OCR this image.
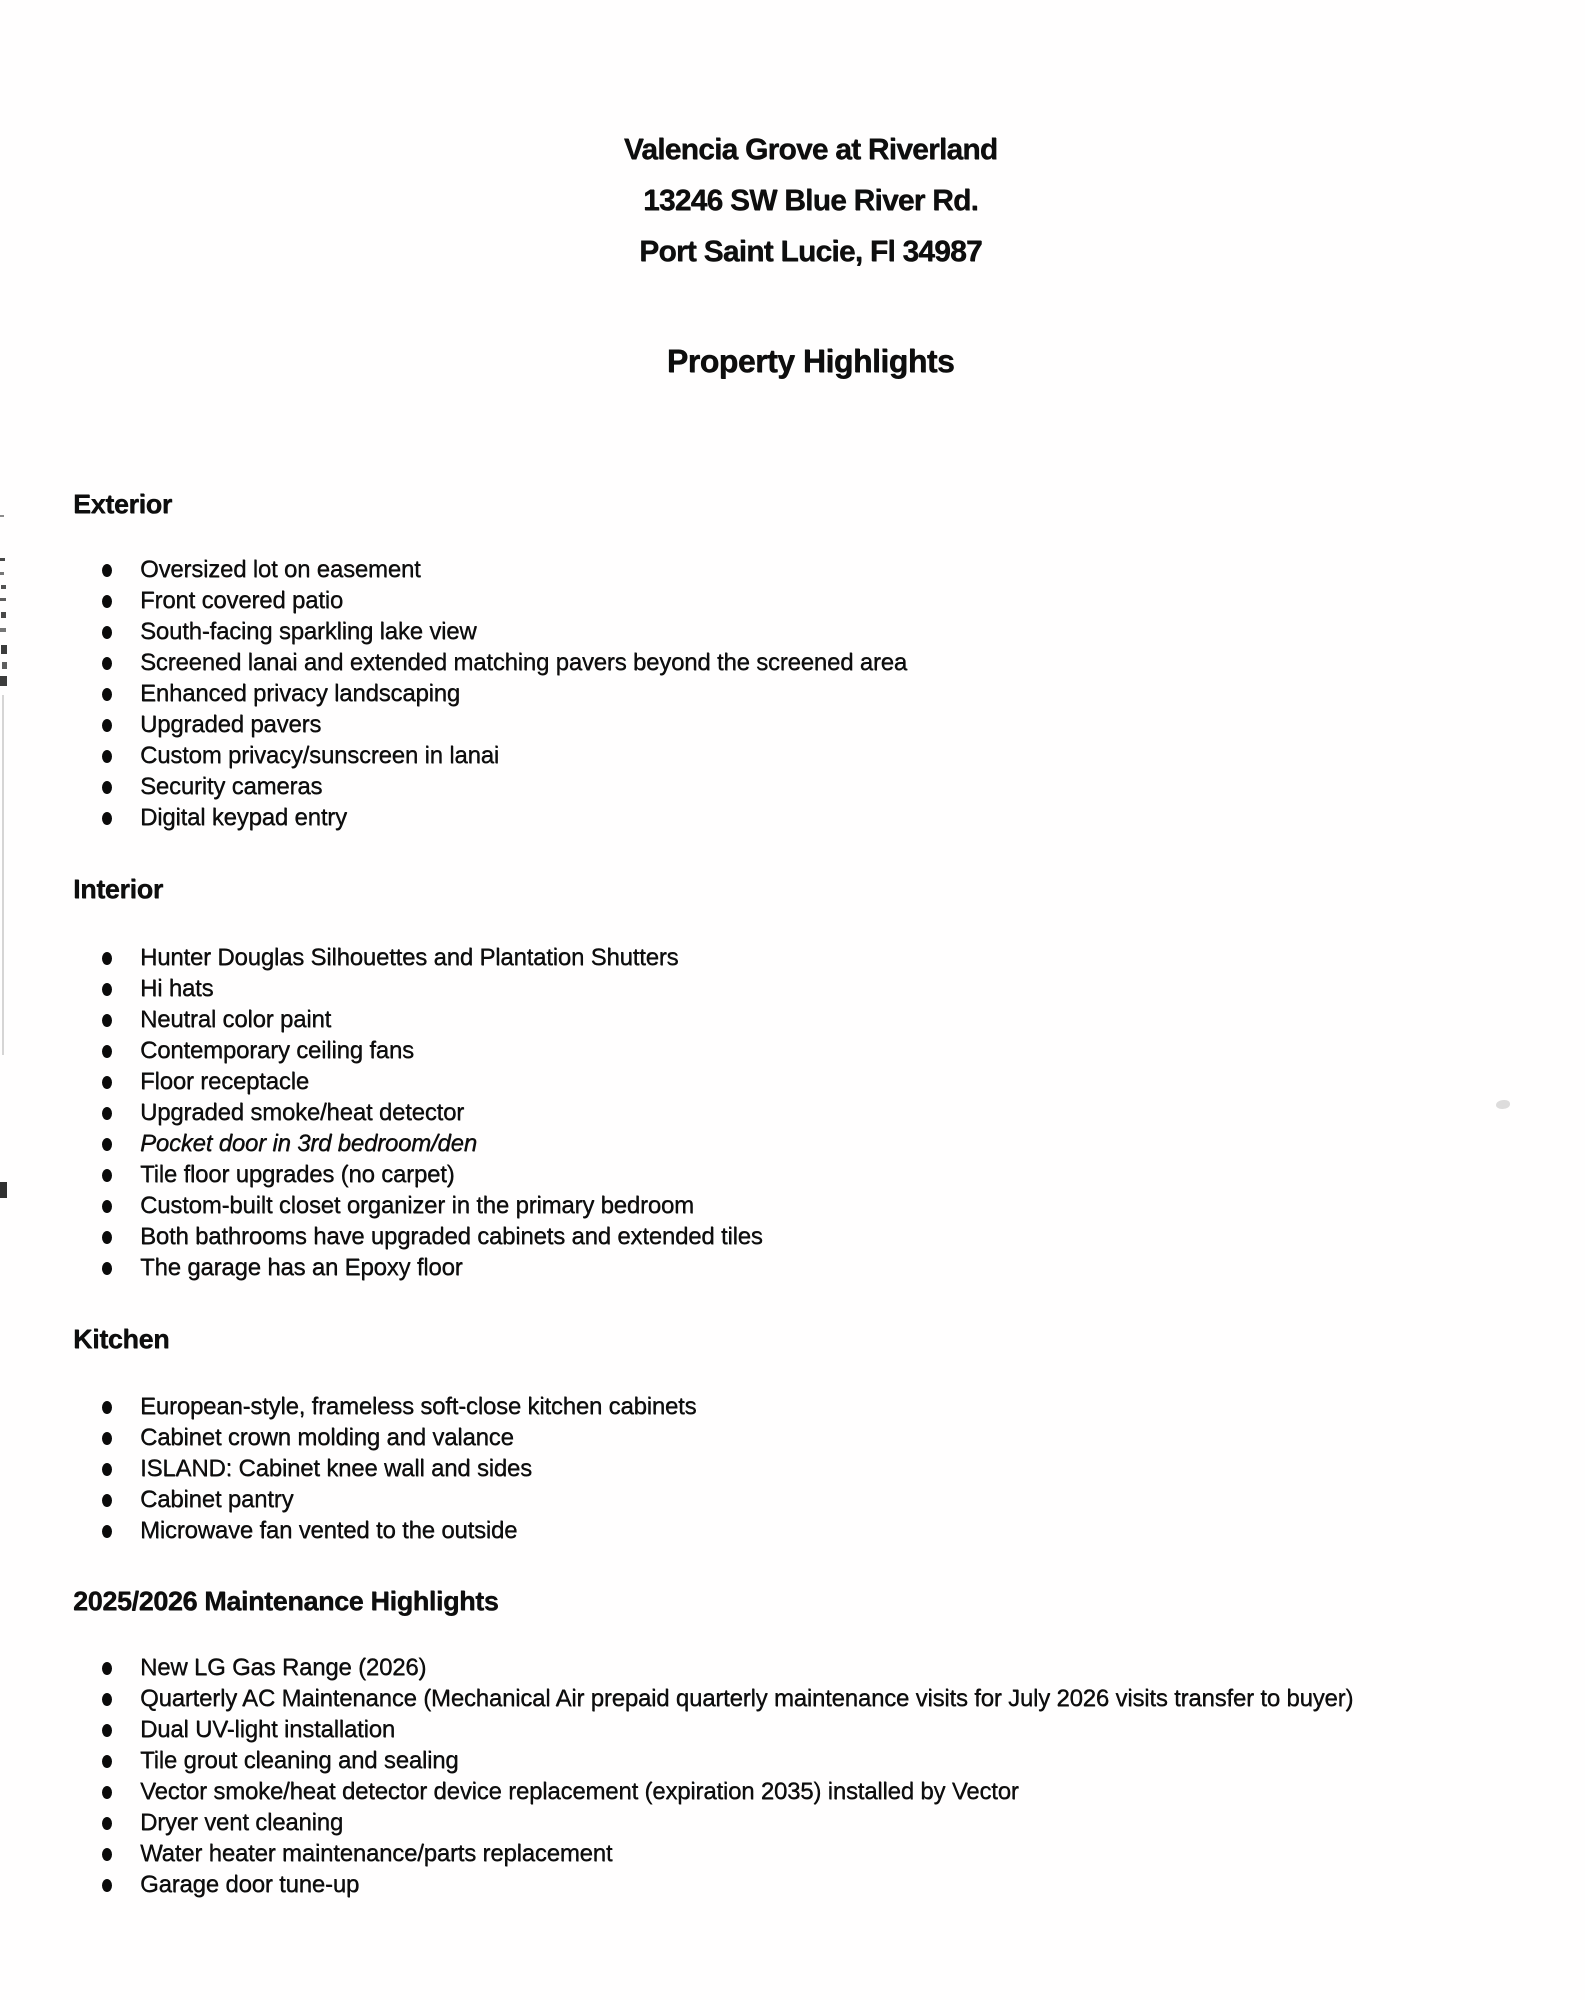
Valencia Grove at Riverland
13246 SW Blue River Rd.
Port Saint Lucie, Fl 34987
Property Highlights
Exterior
Oversized lot on easement
Front covered patio
South-facing sparkling lake view
Screened lanai and extended matching pavers beyond the screened area
Enhanced privacy landscaping
Upgraded pavers
Custom privacy/sunscreen in lanai
Security cameras
Digital keypad entry
Interior
Hunter Douglas Silhouettes and Plantation Shutters
Hi hats
Neutral color paint
Contemporary ceiling fans
Floor receptacle
Upgraded smoke/heat detector
Pocket door in 3rd bedroom/den
Tile floor upgrades (no carpet)
Custom-built closet organizer in the primary bedroom
Both bathrooms have upgraded cabinets and extended tiles
The garage has an Epoxy floor
Kitchen
European-style, frameless soft-close kitchen cabinets
Cabinet crown molding and valance
ISLAND: Cabinet knee wall and sides
Cabinet pantry
Microwave fan vented to the outside
2025/2026 Maintenance Highlights
New LG Gas Range (2026)
Quarterly AC Maintenance (Mechanical Air prepaid quarterly maintenance visits for July 2026 visits transfer to buyer)
Dual UV-light installation
Tile grout cleaning and sealing
Vector smoke/heat detector device replacement (expiration 2035) installed by Vector
Dryer vent cleaning
Water heater maintenance/parts replacement
Garage door tune-up
